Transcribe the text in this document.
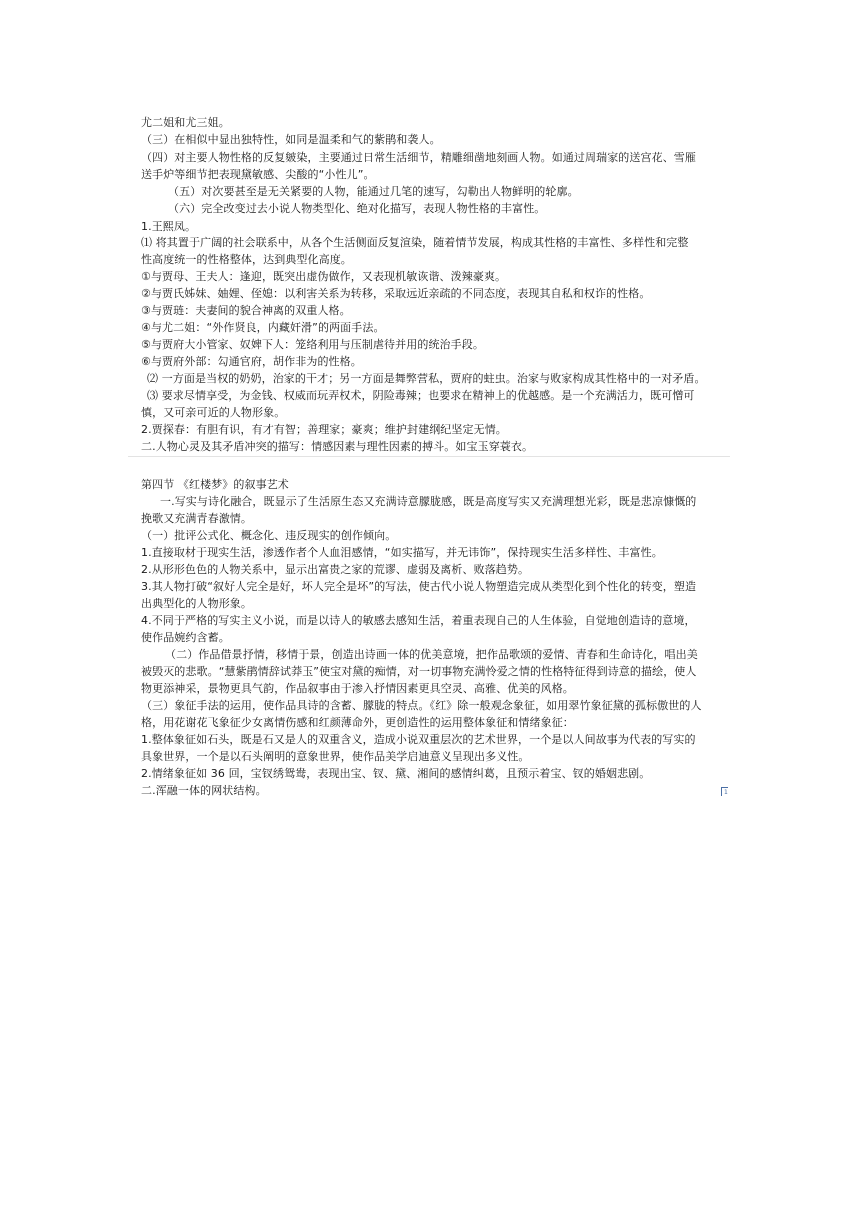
尤二姐和尤三姐。
（三）在相似中显出独特性，如同是温柔和气的紫鹃和袭人。
（四）对主要人物性格的反复皴染，主要通过日常生活细节，精雕细凿地刻画人物。如通过周瑞家的送宫花、雪雁
送手炉等细节把表现黛敏感、尖酸的“小性儿”。
（五）对次要甚至是无关紧要的人物，能通过几笔的速写，勾勒出人物鲜明的轮廓。
（六）完全改变过去小说人物类型化、绝对化描写，表现人物性格的丰富性。
1.王熙凤。
⑴ 将其置于广阔的社会联系中，从各个生活侧面反复渲染，随着情节发展，构成其性格的丰富性、多样性和完整
性高度统一的性格整体，达到典型化高度。
①与贾母、王夫人：逢迎，既突出虚伪做作，又表现机敏诙谐、泼辣豪爽。
②与贾氏姊妹、妯娌、侄媳：以利害关系为转移，采取远近亲疏的不同态度，表现其自私和权诈的性格。
③与贾琏：夫妻间的貌合神离的双重人格。
④与尤二姐：“外作贤良，内藏奸滑”的两面手法。
⑤与贾府大小管家、奴婢下人：笼络利用与压制虐待并用的统治手段。
⑥与贾府外部：勾通官府，胡作非为的性格。
⑵ 一方面是当权的奶奶，治家的干才；另一方面是舞弊营私，贾府的蛀虫。治家与败家构成其性格中的一对矛盾。
⑶ 要求尽情享受，为金钱、权威而玩弄权术，阴险毒辣；也要求在精神上的优越感。是一个充满活力，既可憎可
慎，又可亲可近的人物形象。
2.贾探春：有胆有识，有才有智；善理家；豪爽；维护封建纲纪坚定无情。
二.人物心灵及其矛盾冲突的描写：情感因素与理性因素的搏斗。如宝玉穿蓑衣。
第四节 《红楼梦》的叙事艺术
一.写实与诗化融合，既显示了生活原生态又充满诗意朦胧感，既是高度写实又充满理想光彩，既是悲凉慷慨的
挽歌又充满青春激情。
（一）批评公式化、概念化、违反现实的创作倾向。
1.直接取材于现实生活，渗透作者个人血泪感情，“如实描写，并无讳饰”，保持现实生活多样性、丰富性。
2.从形形色色的人物关系中，显示出富贵之家的荒谬、虚弱及离析、败落趋势。
3.其人物打破“叙好人完全是好，坏人完全是坏”的写法，使古代小说人物塑造完成从类型化到个性化的转变，塑造
出典型化的人物形象。
4.不同于严格的写实主义小说，而是以诗人的敏感去感知生活，着重表现自己的人生体验，自觉地创造诗的意境，
使作品婉约含蓄。
（二）作品借景抒情，移情于景，创造出诗画一体的优美意境，把作品歌颂的爱情、青春和生命诗化，唱出美
被毁灭的悲歌。“慧紫鹃情辞试莽玉”使宝对黛的痴情，对一切事物充满怜爱之情的性格特征得到诗意的描绘，使人
物更添神采，景物更具气韵，作品叙事由于渗入抒情因素更具空灵、高雅、优美的风格。
（三）象征手法的运用，使作品具诗的含蓄、朦胧的特点。《红》除一般观念象征，如用翠竹象征黛的孤标傲世的人
格，用花谢花飞象征少女离情伤感和红颜薄命外，更创造性的运用整体象征和情绪象征：
1.整体象征如石头，既是石又是人的双重含义，造成小说双重层次的艺术世界，一个是以人间故事为代表的写实的
具象世界，一个是以石头阐明的意象世界，使作品美学启迪意义呈现出多义性。
2.情绪象征如 36 回，宝钗绣鸳鸯，表现出宝、钗、黛、湘间的感情纠葛，且预示着宝、钗的婚姻悲剧。
二.浑融一体的网状结构。	1
